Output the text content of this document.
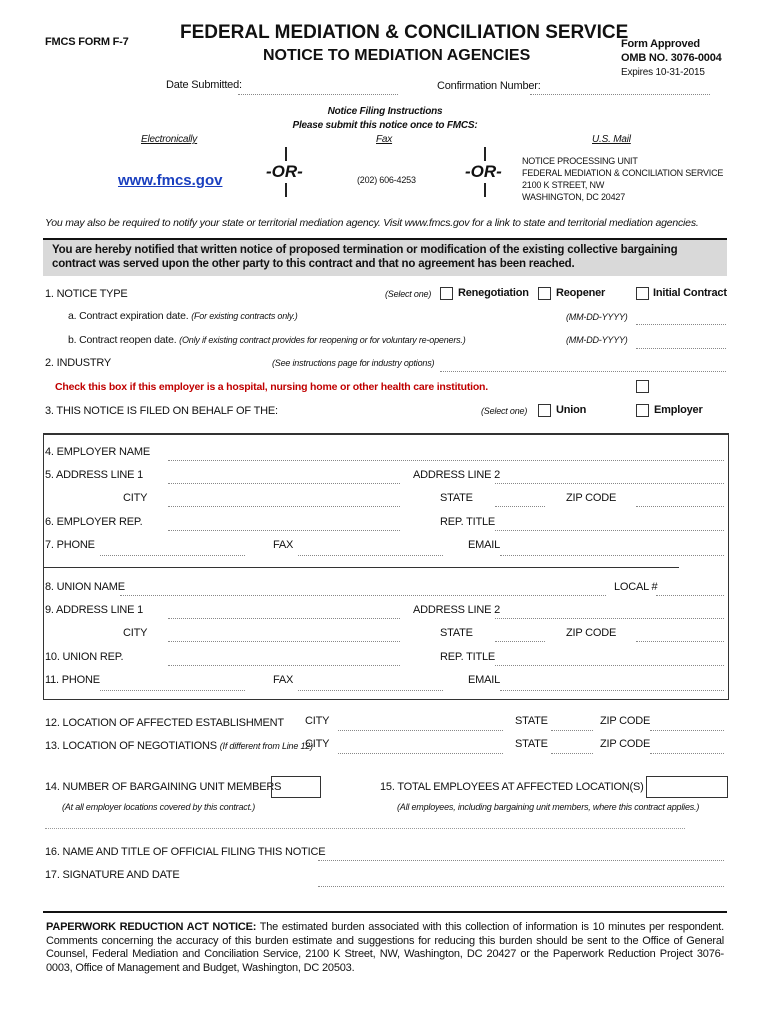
FMCS FORM F-7	FEDERAL MEDIATION & CONCILIATION SERVICE
NOTICE TO MEDIATION AGENCIES
Form Approved
OMB NO. 3076-0004
Expires 10-31-2015
Date Submitted:	Confirmation Number:
Notice Filing Instructions
Please submit this notice once to FMCS:
Electronically	Fax	U.S. Mail
www.fmcs.gov	-OR-	(202) 606-4253	-OR-
NOTICE PROCESSING UNIT
FEDERAL MEDIATION & CONCILIATION SERVICE
2100 K STREET, NW
WASHINGTON, DC 20427
You may also be required to notify your state or territorial mediation agency. Visit www.fmcs.gov for a link to state and territorial mediation agencies.
You are hereby notified that written notice of proposed termination or modification of the existing collective bargaining contract was served upon the other party to this contract and that no agreement has been reached.
1. NOTICE TYPE	(Select one) Renegotiation Reopener	Initial Contract
a. Contract expiration date. (For existing contracts only.)	(MM-DD-YYYY)
b. Contract reopen date. (Only if existing contract provides for reopening or for voluntary re-openers.)	(MM-DD-YYYY)
2. INDUSTRY	(See instructions page for industry options)
Check this box if this employer is a hospital, nursing home or other health care institution.
3. THIS NOTICE IS FILED ON BEHALF OF THE:	(Select one)	Union	Employer
4. EMPLOYER NAME
5. ADDRESS LINE 1	ADDRESS LINE 2
CITY	STATE	ZIP CODE
6. EMPLOYER REP.	REP. TITLE
7. PHONE	FAX	EMAIL
8. UNION NAME	LOCAL #
9. ADDRESS LINE 1	ADDRESS LINE 2
CITY	STATE	ZIP CODE
10. UNION REP.	REP. TITLE
11. PHONE	FAX	EMAIL
12. LOCATION OF AFFECTED ESTABLISHMENT CITY	STATE	ZIP CODE
13. LOCATION OF NEGOTIATIONS (If different from Line 12)
CITY	STATE	ZIP CODE
14. NUMBER OF BARGAINING UNIT MEMBERS
(At all employer locations covered by this contract.)
15. TOTAL EMPLOYEES AT AFFECTED LOCATION(S)
(All employees, including bargaining unit members, where this contract applies.)
16. NAME AND TITLE OF OFFICIAL FILING THIS NOTICE
17. SIGNATURE AND DATE
PAPERWORK REDUCTION ACT NOTICE: The estimated burden associated with this collection of information is 10 minutes per respondent. Comments concerning the accuracy of this burden estimate and suggestions for reducing this burden should be sent to the Office of General Counsel, Federal Mediation and Conciliation Service, 2100 K Street, NW, Washington, DC 20427 or the Paperwork Reduction Project 3076-0003, Office of Management and Budget, Washington, DC 20503.
